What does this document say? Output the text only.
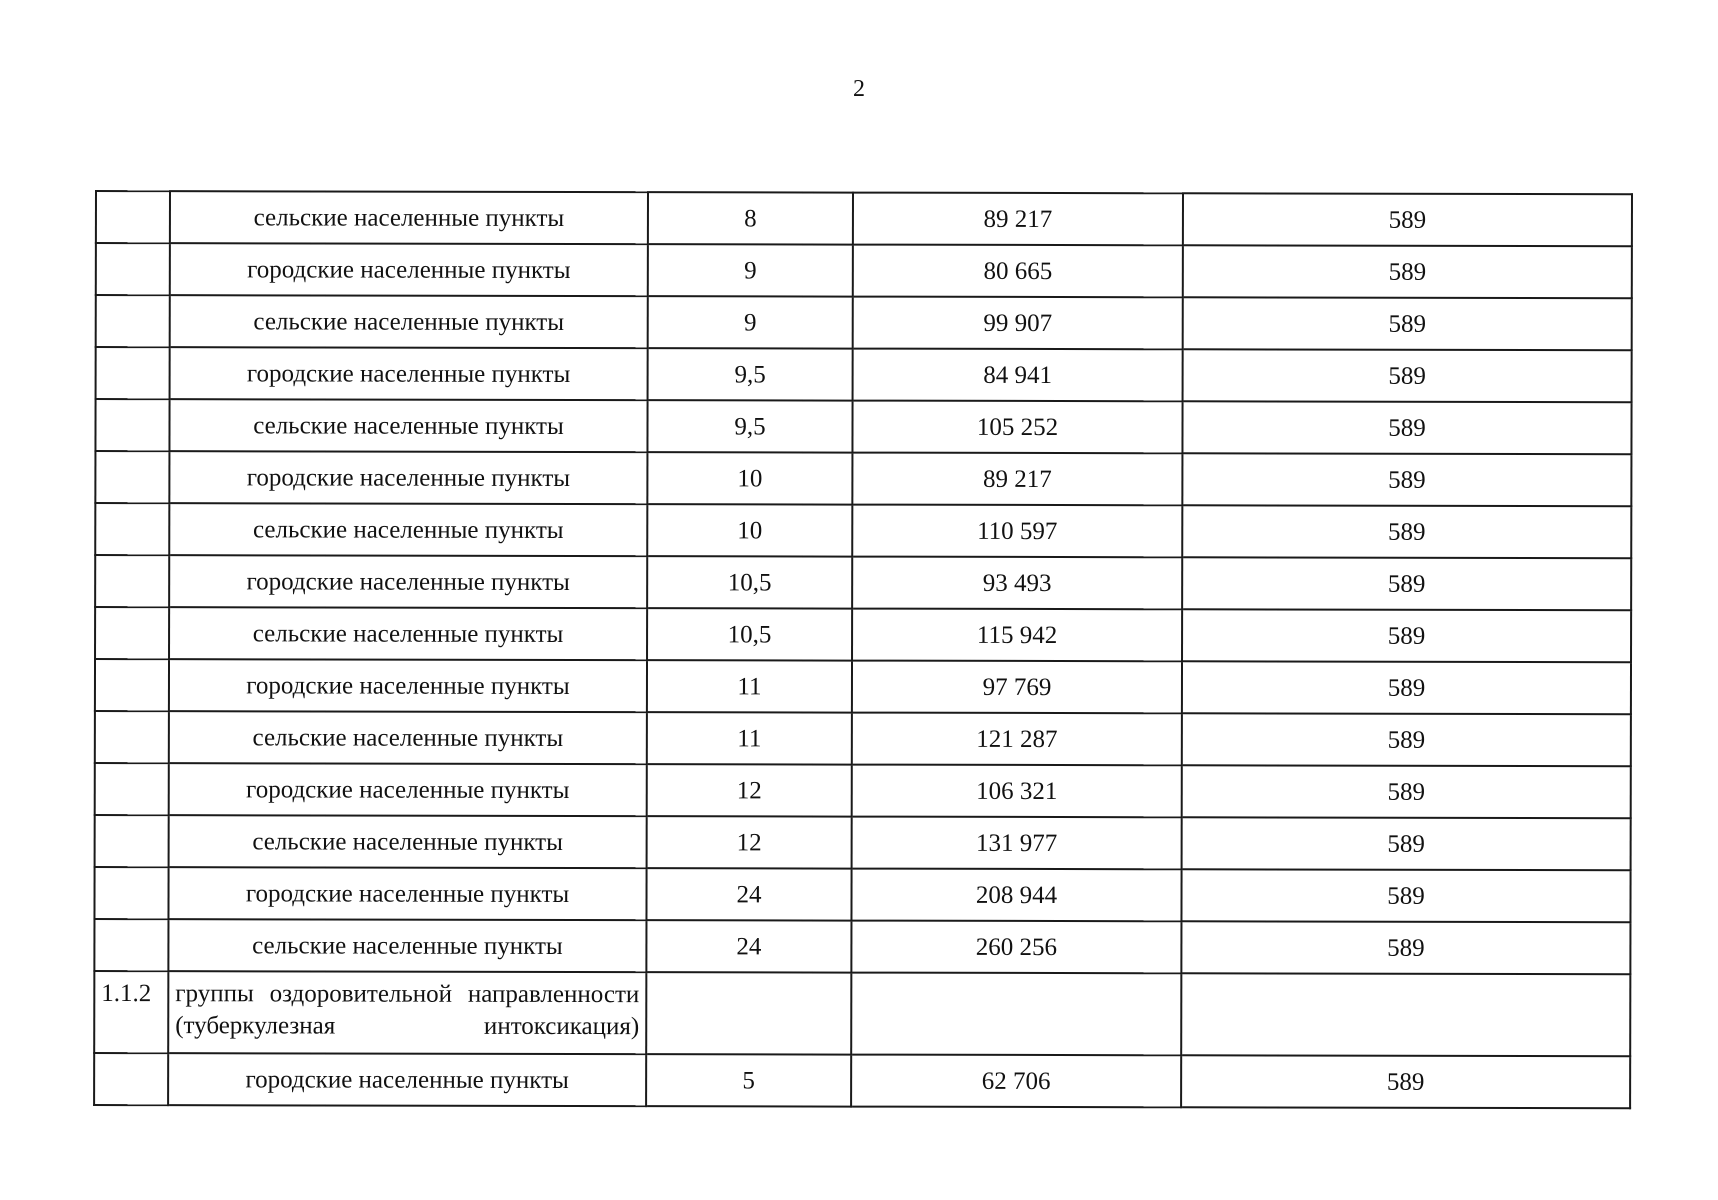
2
	сельские населенные пункты	8	89 217	589
	городские населенные пункты	9	80 665	589
	сельские населенные пункты	9	99 907	589
	городские населенные пункты	9,5	84 941	589
	сельские населенные пункты	9,5	105 252	589
	городские населенные пункты	10	89 217	589
	сельские населенные пункты	10	110 597	589
	городские населенные пункты	10,5	93 493	589
	сельские населенные пункты	10,5	115 942	589
	городские населенные пункты	11	97 769	589
	сельские населенные пункты	11	121 287	589
	городские населенные пункты	12	106 321	589
	сельские населенные пункты	12	131 977	589
	городские населенные пункты	24	208 944	589
	сельские населенные пункты	24	260 256	589
1.1.2	группы оздоровительной направленности (туберкулезная интоксикация)			
	городские населенные пункты	5	62 706	589
